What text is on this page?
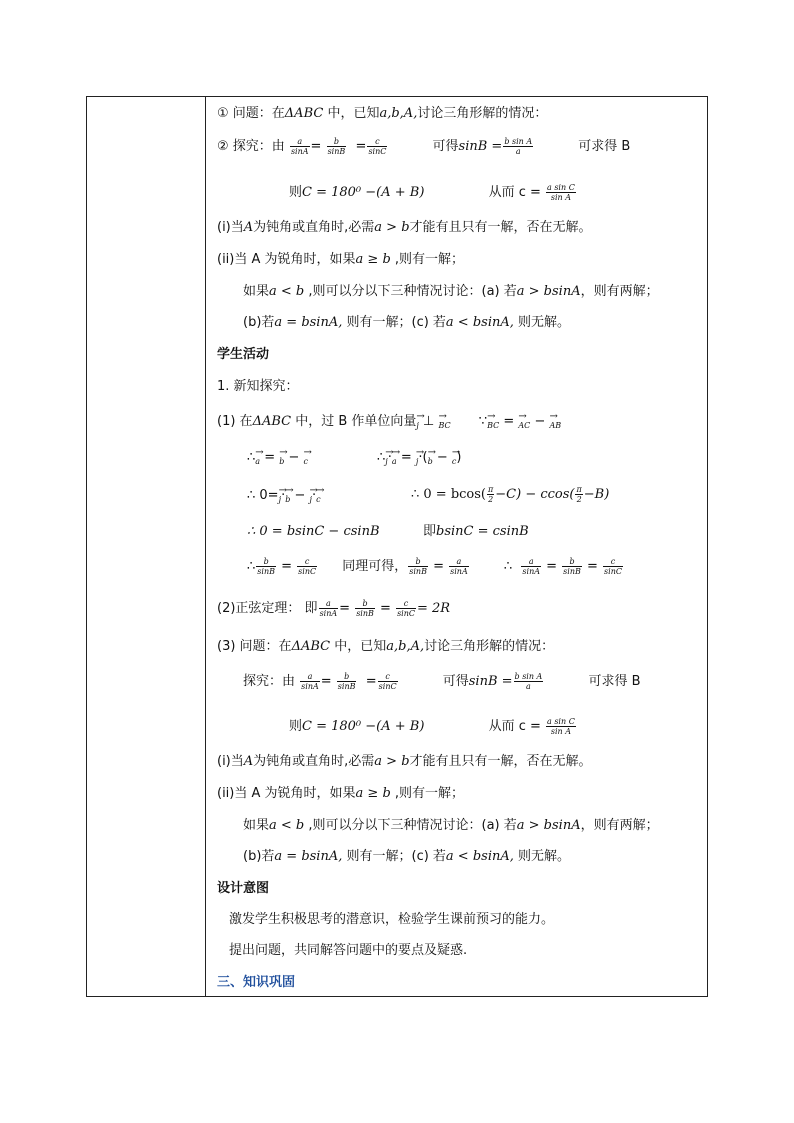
① 问题：在ΔABC 中，已知a,b,A,讨论三角形解的情况：
② 探究：由 $\frac{a}{\sin A} = \frac{b}{\sin B} = \frac{c}{\sin C}$	可得$\sin B = \frac{\text{b sin A}}{a}$	可求得 B
则C = 180⁰ −(A + B)	从而 $c = \frac{\text{a sin C}}{\text{sin A}}$
(i)当A为钝角或直角时,必需a > b才能有且只有一解，否在无解。
(ii)当 A 为锐角时，如果a ≥ b ,则有一解；
如果a < b ,则可以分以下三种情况讨论：(a) 若a > bsinA，则有两解；
(b)若a = bsinA, 则有一解；(c) 若a < bsinA, 则无解。
学生活动
1. 新知探究：
(1) 在ΔABC 中，过 B 作单位向量→ j ⊥ → BC ∵→ BC = → AC − → AB
∴→ a = → b − → c	∴→ j·→ a = → j·(→ b − → c)
∴ 0=→ j·→ b − → j·→ c	∴ $0 = bcos( \frac{\pi}{2} -C) - ccos( \frac{\pi}{2} -B)$
∴ 0 = bsinC − csinB	即bsinC = csinB
∴ $\frac{b}{\sin B} = \frac{c}{\sin C}$ 同理可得， $\frac{b}{\sin B} = \frac{a}{\sin A}$	∴ $\frac{a}{\sin A} = \frac{b}{\sin B} = \frac{c}{\sin C}$
(2)正弦定理： 即 $\frac{a}{\sin A} = \frac{b}{\sin B} = \frac{c}{\sin C} = 2R$
(3) 问题：在ΔABC 中，已知a,b,A,讨论三角形解的情况：
探究：由 $\frac{a}{\sin A} = \frac{b}{\sin B} = \frac{c}{\sin C}$	可得$\sin B = \frac{\text{b sin A}}{a}$	可求得 B
则C = 180⁰ −(A + B)	从而 $c = \frac{\text{a sin C}}{\text{sin A}}$
(i)当A为钝角或直角时,必需a > b才能有且只有一解，否在无解。
(ii)当 A 为锐角时，如果a ≥ b ,则有一解；
如果a < b ,则可以分以下三种情况讨论：(a) 若a > bsinA，则有两解；
(b)若a = bsinA, 则有一解；(c) 若a < bsinA, 则无解。
设计意图
激发学生积极思考的潜意识，检验学生课前预习的能力。
提出问题，共同解答问题中的要点及疑惑.
三、知识巩固
